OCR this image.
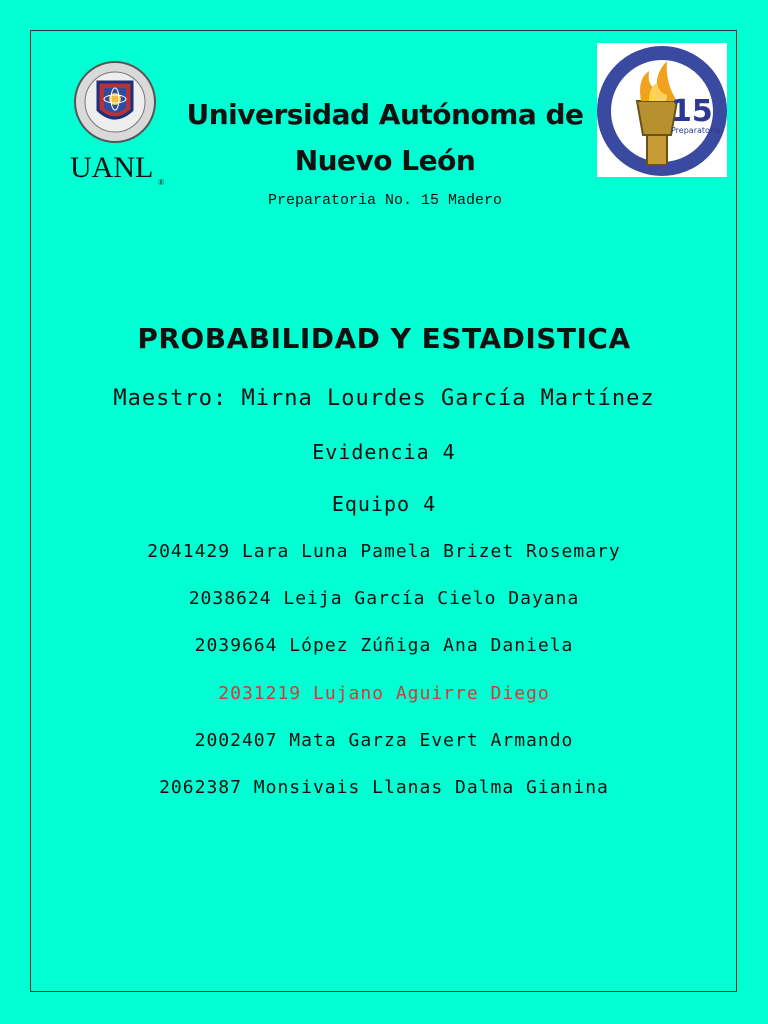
UANL ®
15
Preparatoria
Universidad Autónoma de
Nuevo León
Preparatoria No. 15 Madero
PROBABILIDAD Y ESTADISTICA
Maestro: Mirna Lourdes García Martínez
Evidencia 4
Equipo 4
2041429 Lara Luna Pamela Brizet Rosemary
2038624 Leija García Cielo Dayana
2039664 López Zúñiga Ana Daniela
2031219 Lujano Aguirre Diego
2002407 Mata Garza Evert Armando
2062387 Monsivais Llanas Dalma Gianina
